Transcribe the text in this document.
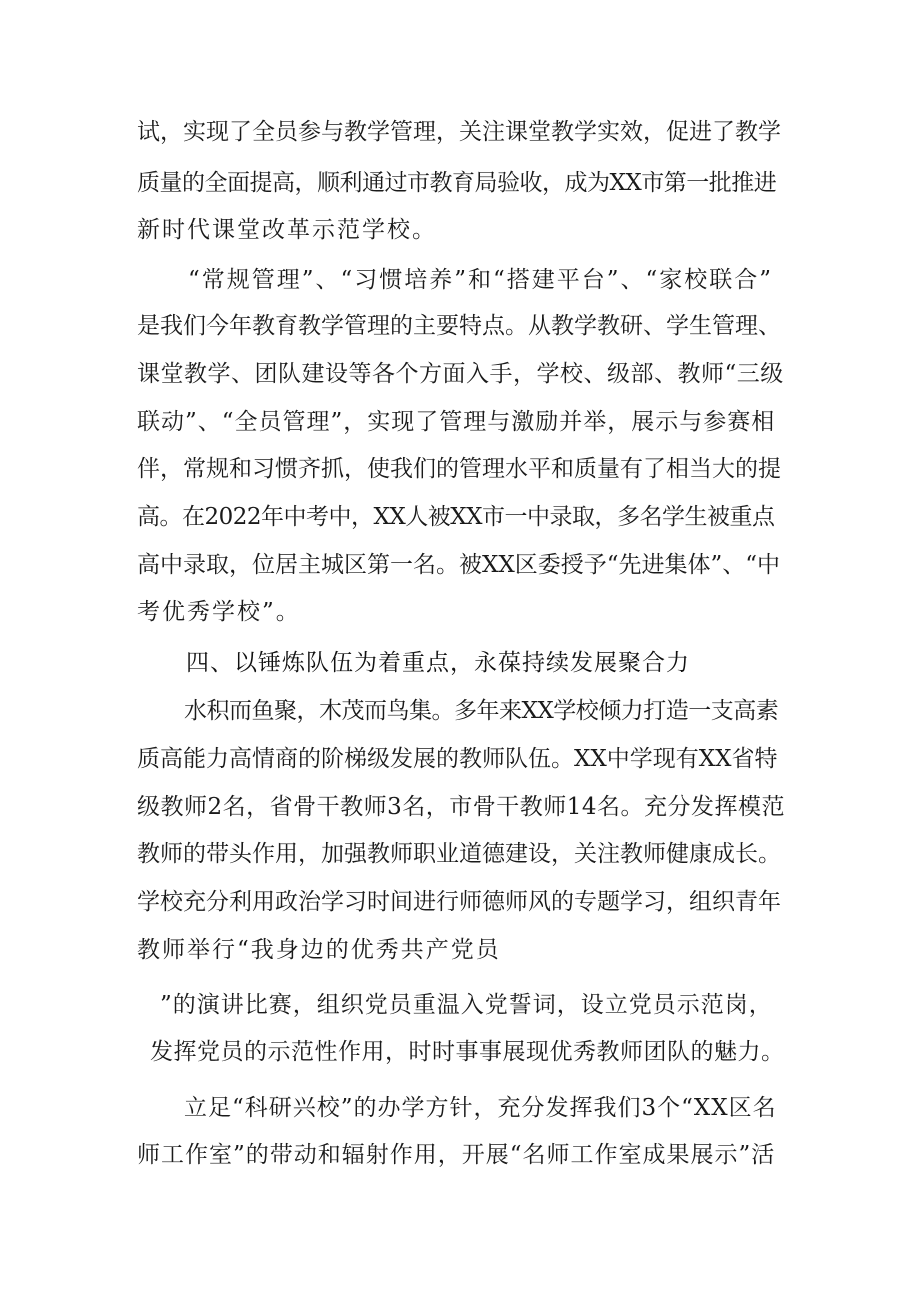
试，实现了全员参与教学管理，关注课堂教学实效，促进了教学
质量的全面提高，顺利通过市教育局验收，成为XX市第一批推进
新时代课堂改革示范学校。
“常规管理”、“习惯培养”和“搭建平台”、“家校联合”
是我们今年教育教学管理的主要特点。从教学教研、学生管理、
课堂教学、团队建设等各个方面入手，学校、级部、教师“三级
联动”、“全员管理”，实现了管理与激励并举，展示与参赛相
伴，常规和习惯齐抓，使我们的管理水平和质量有了相当大的提
高。在2022年中考中，XX人被XX市一中录取，多名学生被重点
高中录取，位居主城区第一名。被XX区委授予“先进集体”、“中
考优秀学校”。
四、以锤炼队伍为着重点，永葆持续发展聚合力
水积而鱼聚，木茂而鸟集。多年来XX学校倾力打造一支高素
质高能力高情商的阶梯级发展的教师队伍。XX中学现有XX省特
级教师2名，省骨干教师3名，市骨干教师14名。充分发挥模范
教师的带头作用，加强教师职业道德建设，关注教师健康成长。
学校充分利用政治学习时间进行师德师风的专题学习，组织青年
教师举行“我身边的优秀共产党员
”的演讲比赛，组织党员重温入党誓词，设立党员示范岗，
发挥党员的示范性作用，时时事事展现优秀教师团队的魅力。
立足“科研兴校”的办学方针，充分发挥我们3个“XX区名
师工作室”的带动和辐射作用，开展“名师工作室成果展示”活
